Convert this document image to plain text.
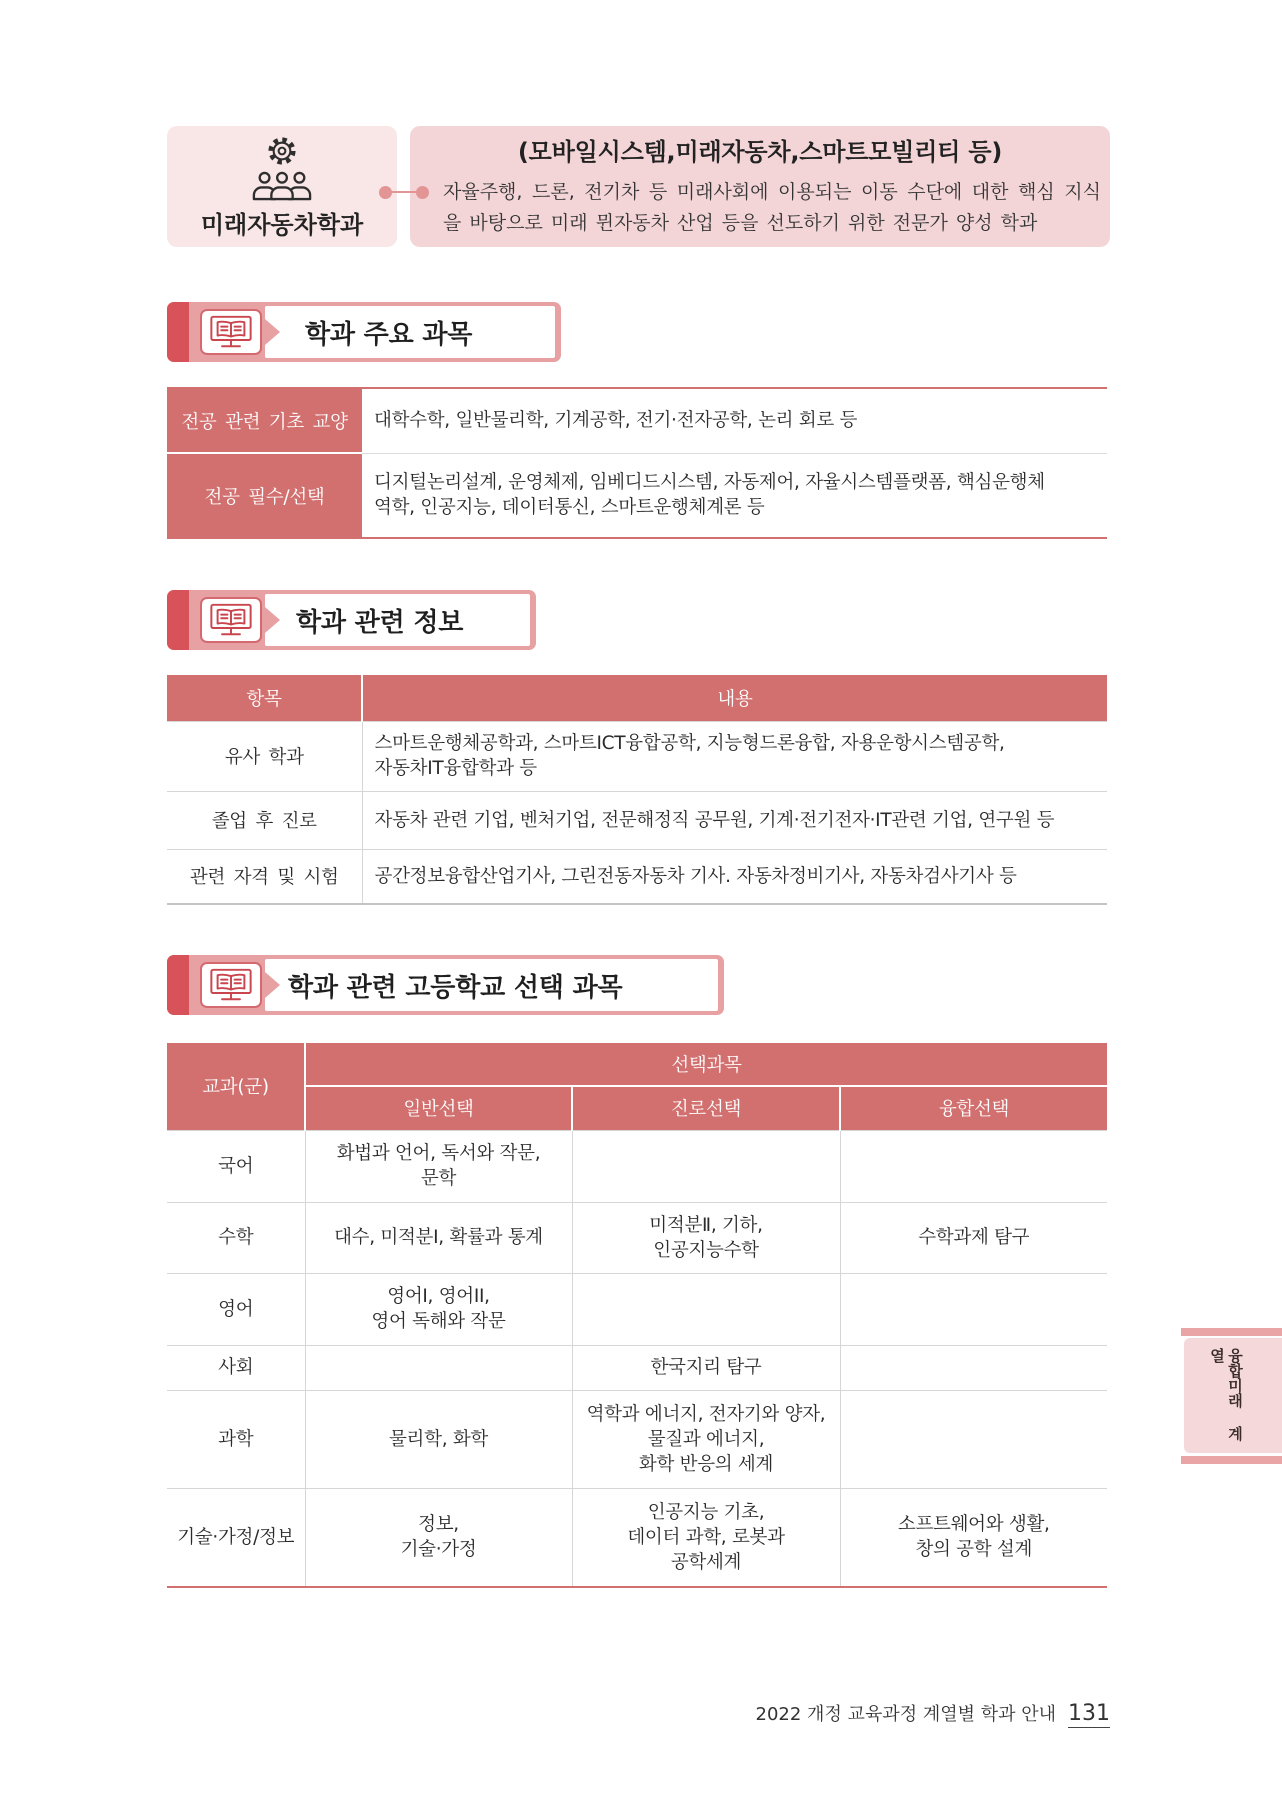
미래자동차학과
(모바일시스템,미래자동차,스마트모빌리티 등)
자율주행, 드론, 전기차 등 미래사회에 이용되는 이동 수단에 대한 핵심 지식
을 바탕으로 미래 뮌자동차 산업 등을 선도하기 위한 전문가 양성 학과
학과 주요 과목
전공 관련 기초 교양	대학수학, 일반물리학, 기계공학, 전기·전자공학, 논리 회로 등

전공 필수/선택	디지털논리설계, 운영체제, 임베디드시스템, 자동제어, 자율시스템플랫폼, 핵심운행체
역학, 인공지능, 데이터통신, 스마트운행체계론 등
학과 관련 정보
항목	내용
유사 학과	스마트운행체공학과, 스마트ICT융합공학, 지능형드론융합, 자용운항시스템공학,
자동차IT융합학과 등

졸업 후 진로	자동차 관련 기업, 벤처기업, 전문해정직 공무원, 기계·전기전자·IT관련 기업, 연구원 등

관련 자격 및 시험	공간정보융합산업기사, 그린전동자동차 기사. 자동차정비기사, 자동차검사기사 등
학과 관련 고등학교 선택 과목
교과(군)	선택과목		
	일반선택	진로선택	융합선택

국어	화법과 언어, 독서와 작문,
문학		

수학	대수, 미적분I, 확률과 통계	미적분Ⅱ, 기하,
인공지능수학	수학과제 탐구

영어	영어I, 영어II,
영어 독해와 작문		

사회		한국지리 탐구	

과학	물리학, 화학	역학과 에너지, 전자기와 양자,
물질과 에너지,
화학 반응의 세계	

기술·가정/정보	정보,
기술·가정	인공지능 기초,
데이터 과학, 로봇과
공학세계	소프트웨어와 생활,
창의 공학 설계
융합미래 계열
2022 개정 교육과정 계열별 학과 안내 131
